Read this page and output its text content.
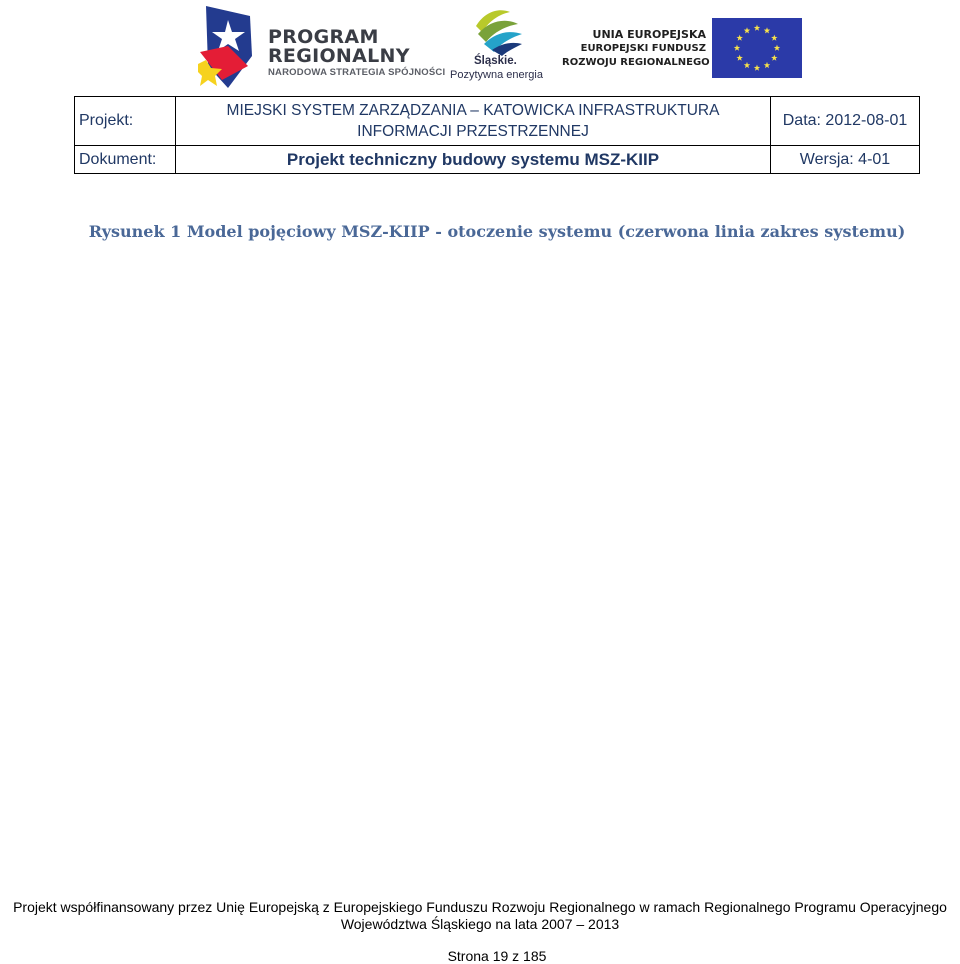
PROGRAM
REGIONALNY
NARODOWA STRATEGIA SPÓJNOŚCI
Śląskie.
Pozytywna energia
UNIA EUROPEJSKA
EUROPEJSKI FUNDUSZ
ROZWOJU REGIONALNEGO
Projekt:	MIEJSKI SYSTEM ZARZĄDZANIA – KATOWICKA INFRASTRUKTURA INFORMACJI PRZESTRZENNEJ	Data: 2012-08-01
Dokument:	Projekt techniczny budowy systemu MSZ-KIIP	Wersja: 4-01
Rysunek 1 Model pojęciowy MSZ-KIIP - otoczenie systemu (czerwona linia zakres systemu)
Projekt współfinansowany przez Unię Europejską z Europejskiego Funduszu Rozwoju Regionalnego w ramach Regionalnego Programu Operacyjnego
Województwa Śląskiego na lata 2007 – 2013
Strona 19 z 185
